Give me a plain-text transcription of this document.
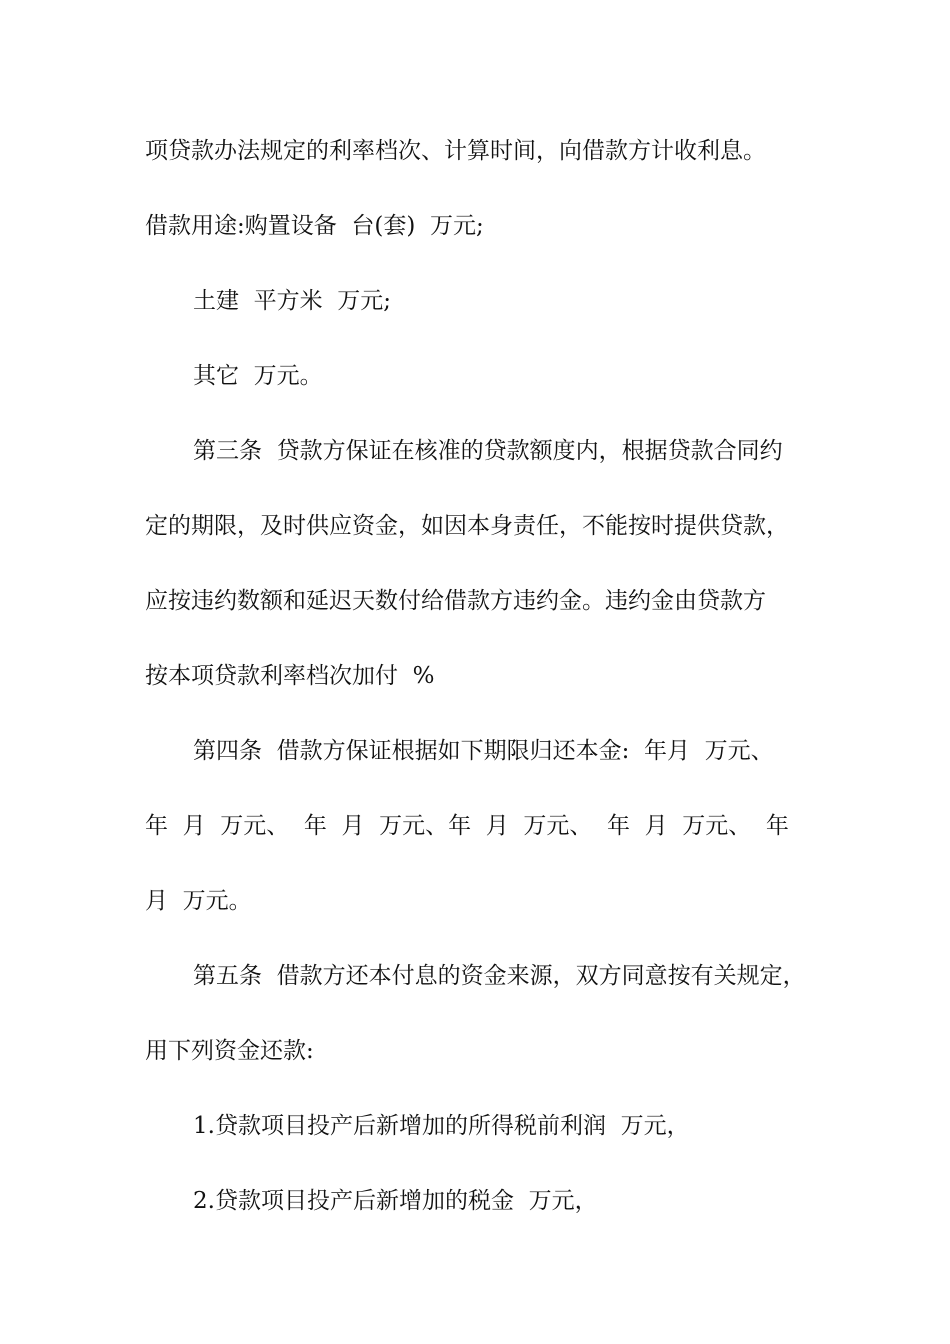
项贷款办法规定的利率档次、计算时间，向借款方计收利息。
借款用途:购置设备  台(套)  万元;
土建  平方米  万元;
其它  万元。
第三条  贷款方保证在核准的贷款额度内，根据贷款合同约
定的期限，及时供应资金，如因本身责任，不能按时提供贷款，
应按违约数额和延迟天数付给借款方违约金。违约金由贷款方
按本项贷款利率档次加付  %
第四条  借款方保证根据如下期限归还本金:  年月  万元、
年  月  万元、  年  月  万元、年  月  万元、  年  月  万元、  年
月  万元。
第五条  借款方还本付息的资金来源，双方同意按有关规定，
用下列资金还款:
1.贷款项目投产后新增加的所得税前利润  万元，
2.贷款项目投产后新增加的税金  万元，
